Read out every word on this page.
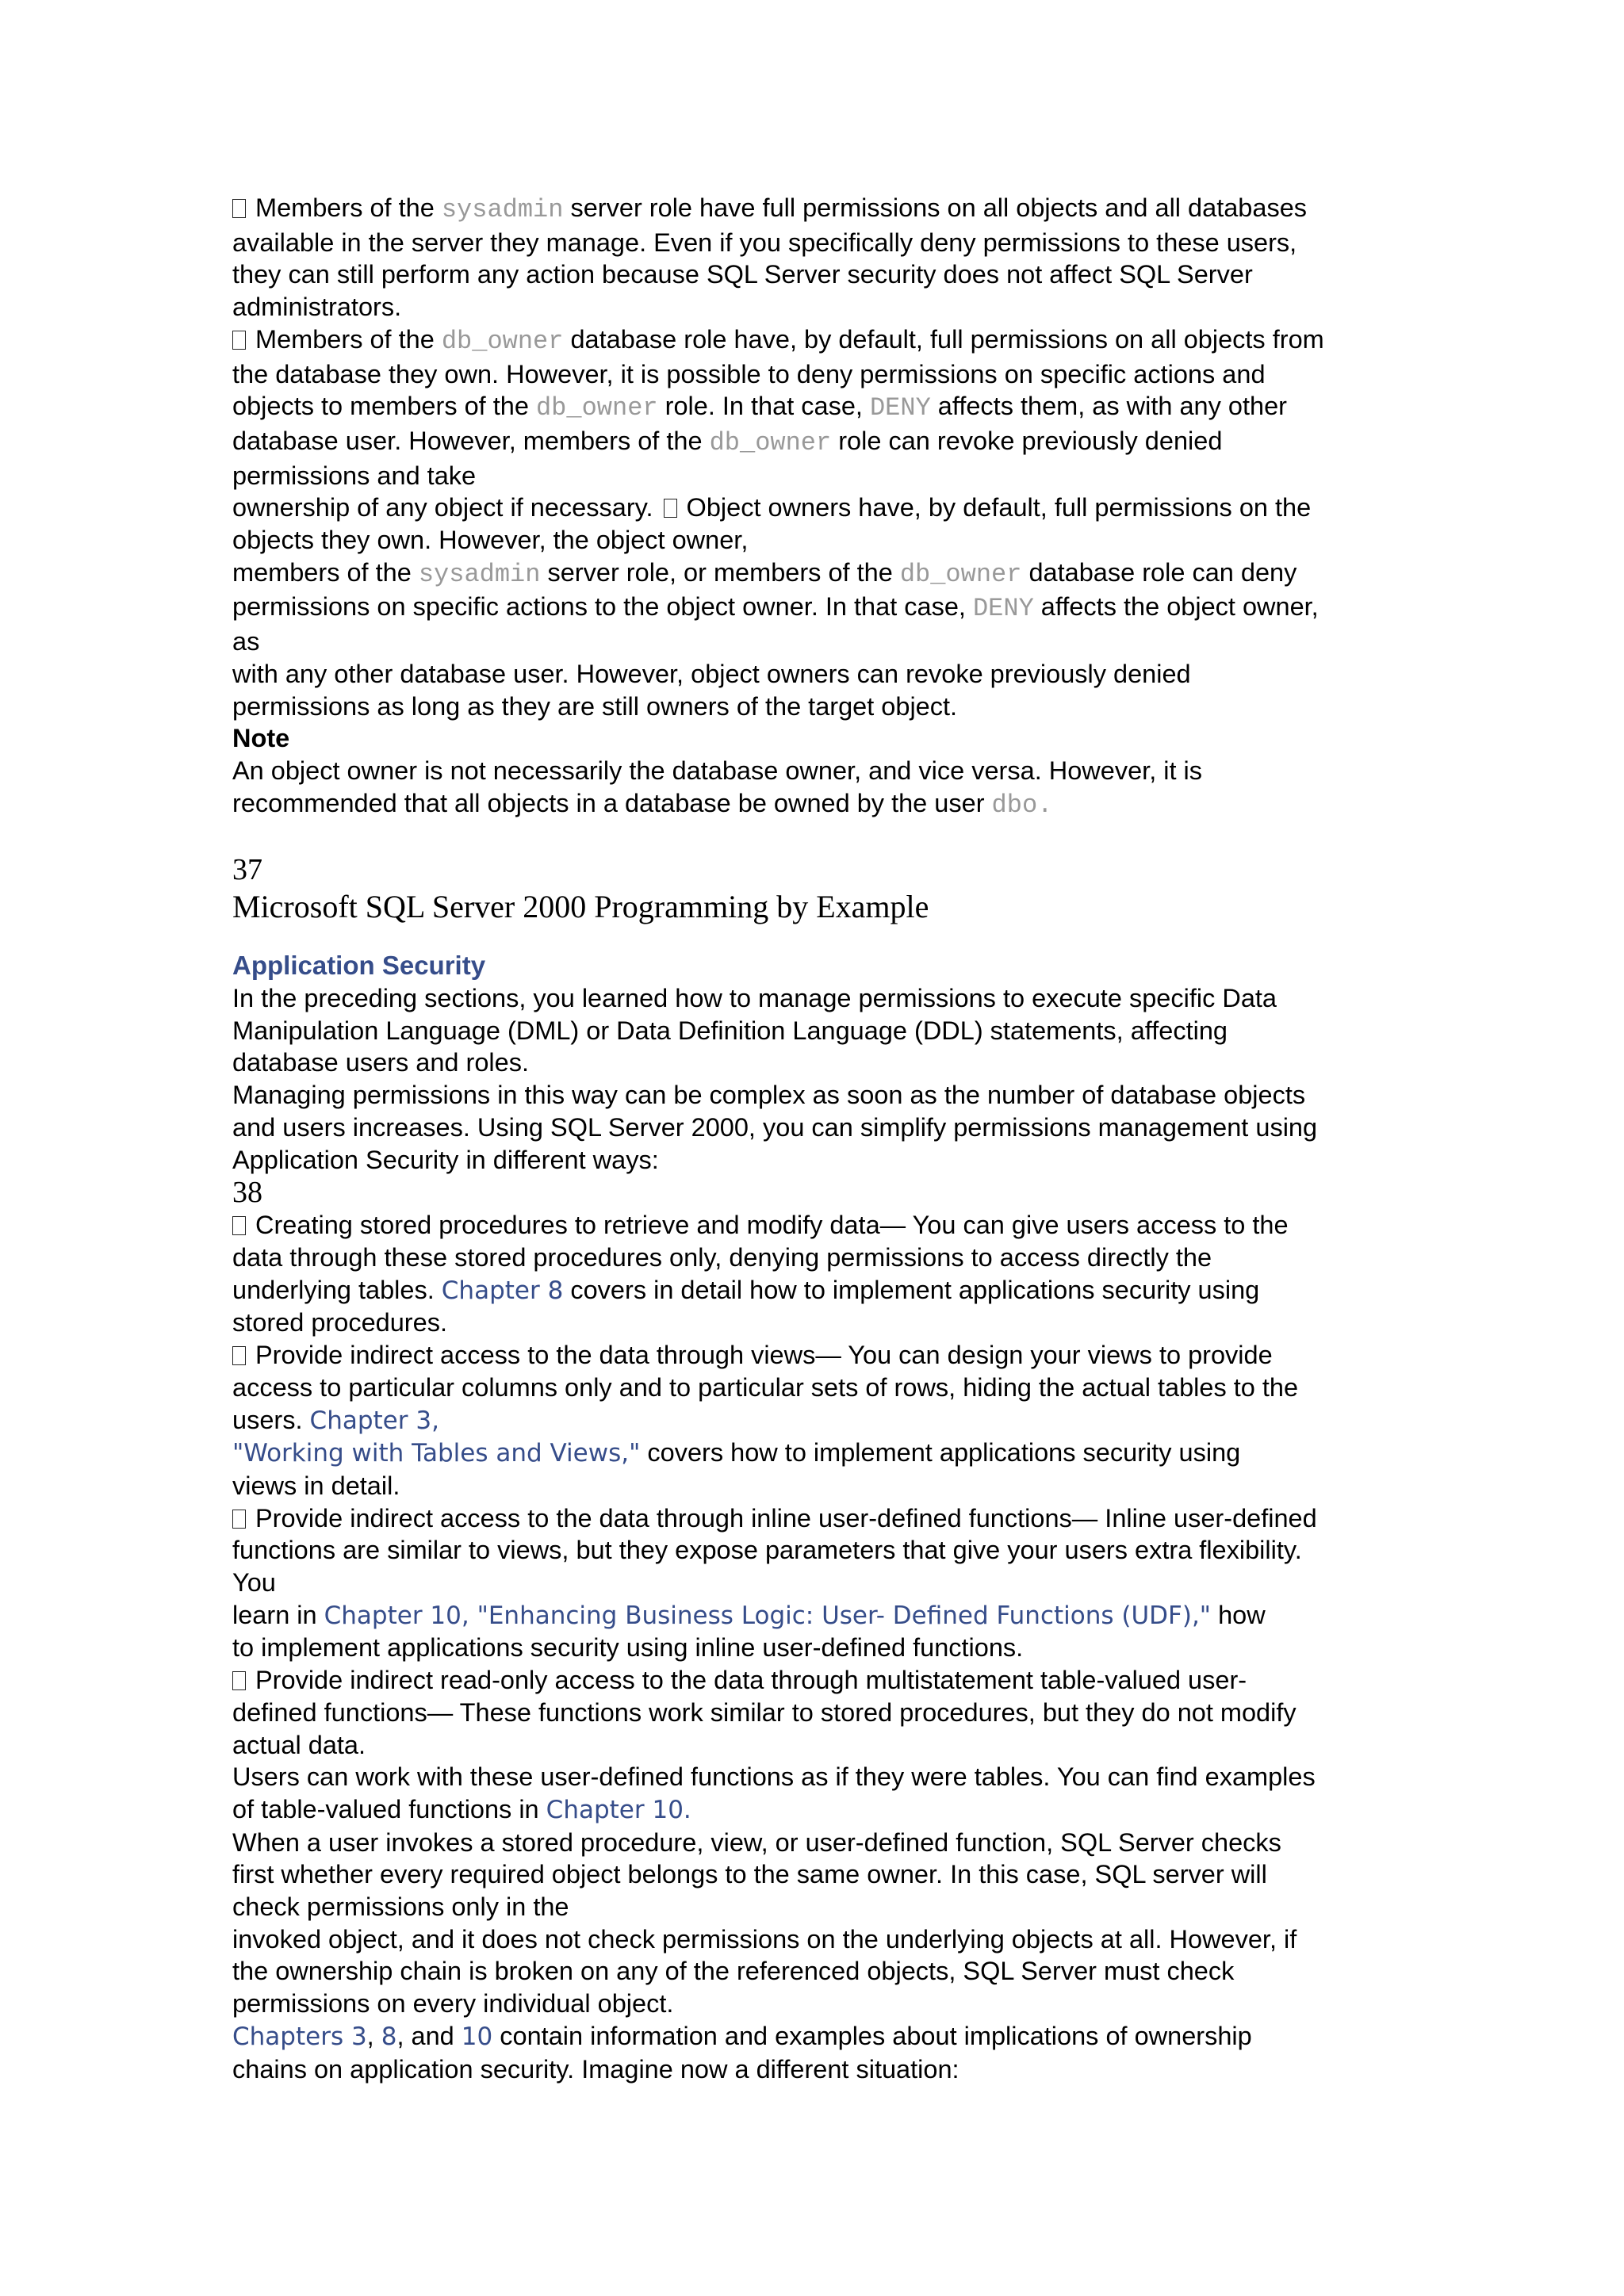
Members of the sysadmin server role have full permissions on all objects and all databases
available in the server they manage. Even if you specifically deny permissions to these users,
they can still perform any action because SQL Server security does not affect SQL Server
administrators.
Members of the db_owner database role have, by default, full permissions on all objects from
the database they own. However, it is possible to deny permissions on specific actions and
objects to members of the db_owner role. In that case, DENY affects them, as with any other
database user. However, members of the db_owner role can revoke previously denied
permissions and take
ownership of any object if necessary. Object owners have, by default, full permissions on the
objects they own. However, the object owner,
members of the sysadmin server role, or members of the db_owner database role can deny
permissions on specific actions to the object owner. In that case, DENY affects the object owner,
as
with any other database user. However, object owners can revoke previously denied
permissions as long as they are still owners of the target object.
Note
An object owner is not necessarily the database owner, and vice versa. However, it is
recommended that all objects in a database be owned by the user dbo.
37
Microsoft SQL Server 2000 Programming by Example
Application Security
In the preceding sections, you learned how to manage permissions to execute specific Data
Manipulation Language (DML) or Data Definition Language (DDL) statements, affecting
database users and roles.
Managing permissions in this way can be complex as soon as the number of database objects
and users increases. Using SQL Server 2000, you can simplify permissions management using
Application Security in different ways:
38
Creating stored procedures to retrieve and modify data— You can give users access to the
data through these stored procedures only, denying permissions to access directly the
underlying tables. Chapter 8 covers in detail how to implement applications security using
stored procedures.
Provide indirect access to the data through views— You can design your views to provide
access to particular columns only and to particular sets of rows, hiding the actual tables to the
users. Chapter 3,
"Working with Tables and Views," covers how to implement applications security using
views in detail.
Provide indirect access to the data through inline user-defined functions— Inline user-defined
functions are similar to views, but they expose parameters that give your users extra flexibility.
You
learn in Chapter 10, "Enhancing Business Logic: User- Defined Functions (UDF)," how
to implement applications security using inline user-defined functions.
Provide indirect read-only access to the data through multistatement table-valued user-
defined functions— These functions work similar to stored procedures, but they do not modify
actual data.
Users can work with these user-defined functions as if they were tables. You can find examples
of table-valued functions in Chapter 10.
When a user invokes a stored procedure, view, or user-defined function, SQL Server checks
first whether every required object belongs to the same owner. In this case, SQL server will
check permissions only in the
invoked object, and it does not check permissions on the underlying objects at all. However, if
the ownership chain is broken on any of the referenced objects, SQL Server must check
permissions on every individual object.
Chapters 3, 8, and 10 contain information and examples about implications of ownership
chains on application security. Imagine now a different situation:
